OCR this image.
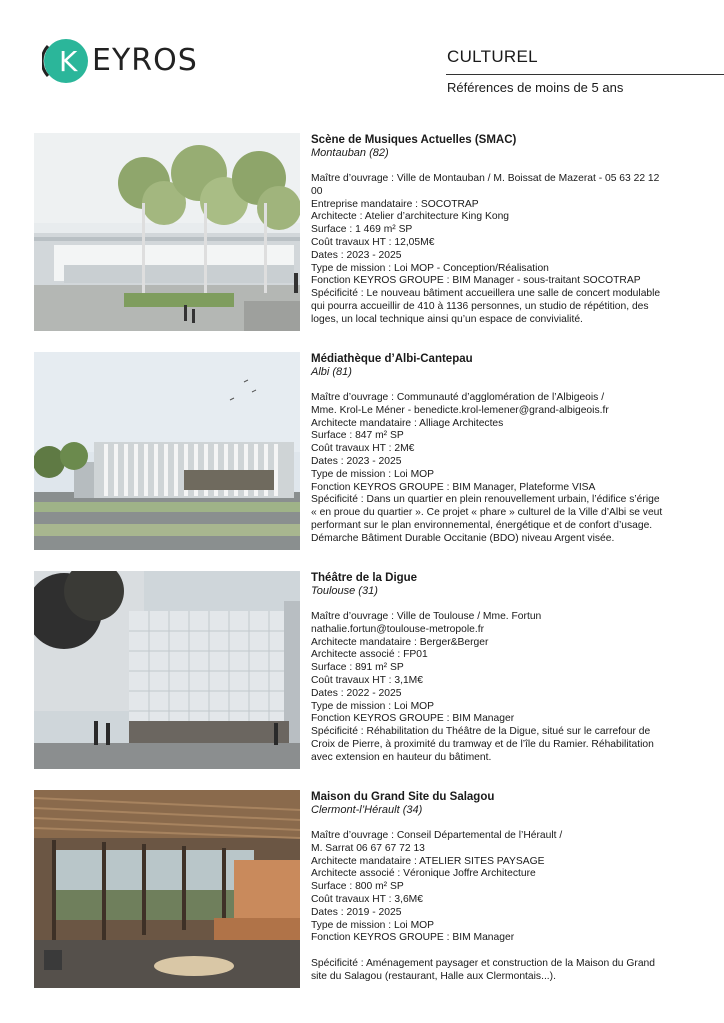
K EYROS	CULTUREL
Références de moins de 5 ans
Scène de Musiques Actuelles (SMAC)
Montauban (82)
Maître d’ouvrage : Ville de Montauban / M. Boissat de Mazerat - 05 63 22 12
00
Entreprise mandataire : SOCOTRAP
Architecte : Atelier d’architecture King Kong
Surface : 1 469 m² SP
Coût travaux HT : 12,05M€
Dates : 2023 - 2025
Type de mission : Loi MOP - Conception/Réalisation
Fonction KEYROS GROUPE : BIM Manager - sous-traitant SOCOTRAP
Spécificité : Le nouveau bâtiment accueillera une salle de concert modulable
qui pourra accueillir de 410 à 1136 personnes, un studio de répétition, des
loges, un local technique ainsi qu’un espace de convivialité.
Médiathèque d’Albi-Cantepau
Albi (81)
Maître d’ouvrage : Communauté d’agglomération de l’Albigeois /
Mme. Krol-Le Méner - benedicte.krol-lemener@grand-albigeois.fr
Architecte mandataire : Alliage Architectes
Surface : 847 m² SP
Coût travaux HT : 2M€
Dates : 2023 - 2025
Type de mission : Loi MOP
Fonction KEYROS GROUPE : BIM Manager, Plateforme VISA
Spécificité : Dans un quartier en plein renouvellement urbain, l’édifice s’érige
« en proue du quartier ». Ce projet « phare » culturel de la Ville d’Albi se veut
performant sur le plan environnemental, énergétique et de confort d’usage.
Démarche Bâtiment Durable Occitanie (BDO) niveau Argent visée.
Théâtre de la Digue
Toulouse (31)
Maître d’ouvrage : Ville de Toulouse / Mme. Fortun
nathalie.fortun@toulouse-metropole.fr
Architecte mandataire : Berger&Berger
Architecte associé : FP01
Surface : 891 m² SP
Coût travaux HT : 3,1M€
Dates : 2022 - 2025
Type de mission : Loi MOP
Fonction KEYROS GROUPE : BIM Manager
Spécificité : Réhabilitation du Théâtre de la Digue, situé sur le carrefour de
Croix de Pierre, à proximité du tramway et de l’île du Ramier. Réhabilitation
avec extension en hauteur du bâtiment.
Maison du Grand Site du Salagou
Clermont-l’Hérault (34)
Maître d’ouvrage : Conseil Départemental de l’Hérault /
M. Sarrat 06 67 67 72 13
Architecte mandataire : ATELIER SITES PAYSAGE
Architecte associé : Véronique Joffre Architecture
Surface : 800 m² SP
Coût travaux HT : 3,6M€
Dates : 2019 - 2025
Type de mission : Loi MOP
Fonction KEYROS GROUPE : BIM Manager
Spécificité : Aménagement paysager et construction de la Maison du Grand
site du Salagou (restaurant, Halle aux Clermontais...).
